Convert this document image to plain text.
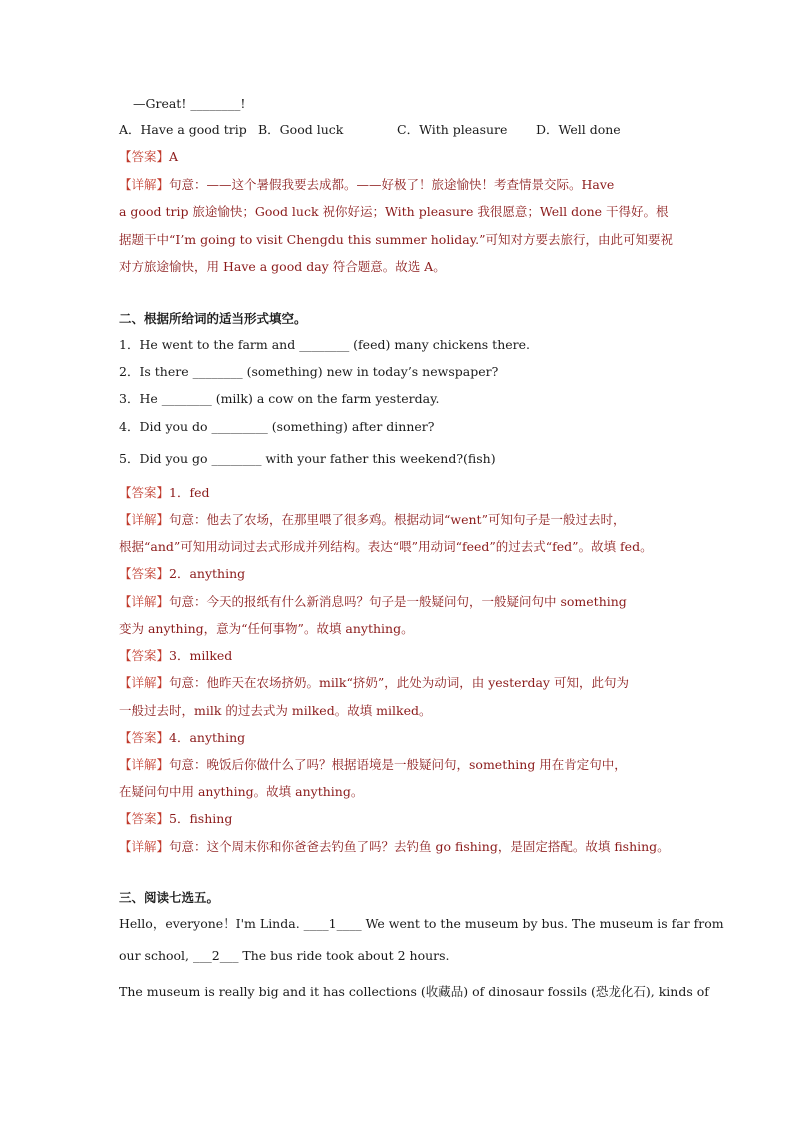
—Great! ________!
A．Have a good trip B．Good luck	C．With pleasure D．Well done
【答案】A
【详解】句意：——这个暑假我要去成都。——好极了！旅途愉快！考查情景交际。Have
a good trip 旅途愉快；Good luck 祝你好运；With pleasure 我很愿意；Well done 干得好。根
据题干中“I’m going to visit Chengdu this summer holiday.”可知对方要去旅行，由此可知要祝
对方旅途愉快，用 Have a good day 符合题意。故选 A。
二、根据所给词的适当形式填空。
1．He went to the farm and ________ (feed) many chickens there.
2．Is there ________ (something) new in today’s newspaper?
3．He ________ (milk) a cow on the farm yesterday.
4．Did you do _________ (something) after dinner?
5．Did you go ________ with your father this weekend?(fish)
【答案】1．fed
【详解】句意：他去了农场，在那里喂了很多鸡。根据动词“went”可知句子是一般过去时，
根据“and”可知用动词过去式形成并列结构。表达“喂”用动词“feed”的过去式“fed”。故填 fed。
【答案】2．anything
【详解】句意：今天的报纸有什么新消息吗？句子是一般疑问句，一般疑问句中 something
变为 anything，意为“任何事物”。故填 anything。
【答案】3．milked
【详解】句意：他昨天在农场挤奶。milk“挤奶”，此处为动词，由 yesterday 可知，此句为
一般过去时，milk 的过去式为 milked。故填 milked。
【答案】4．anything
【详解】句意：晚饭后你做什么了吗？根据语境是一般疑问句，something 用在肯定句中，
在疑问句中用 anything。故填 anything。
【答案】5．fishing
【详解】句意：这个周末你和你爸爸去钓鱼了吗？去钓鱼 go fishing，是固定搭配。故填 fishing。
三、阅读七选五。
Hello，everyone！I'm Linda. ____1____ We went to the museum by bus. The museum is far from
our school, ___2___ The bus ride took about 2 hours.
The museum is really big and it has collections (收藏品) of dinosaur fossils (恐龙化石), kinds of
